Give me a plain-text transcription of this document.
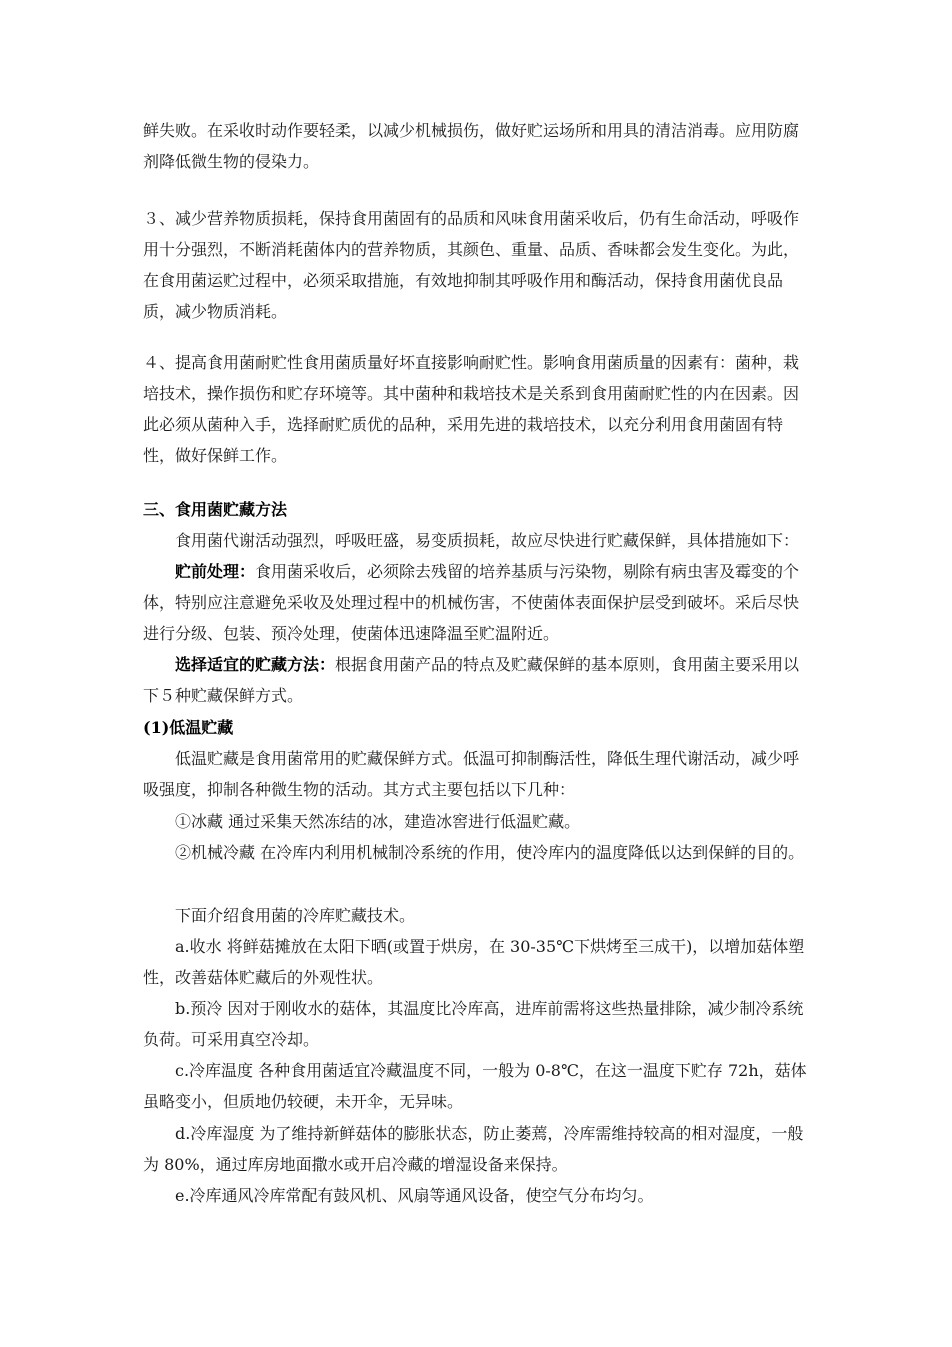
鲜失败。在采收时动作要轻柔，以减少机械损伤，做好贮运场所和用具的清洁消毒。应用防腐剂降低微生物的侵染力。

３、减少营养物质损耗，保持食用菌固有的品质和风味食用菌采收后，仍有生命活动，呼吸作用十分强烈，不断消耗菌体内的营养物质，其颜色、重量、品质、香味都会发生变化。为此，在食用菌运贮过程中，必须采取措施，有效地抑制其呼吸作用和酶活动，保持食用菌优良品质，减少物质消耗。

４、提高食用菌耐贮性食用菌质量好坏直接影响耐贮性。影响食用菌质量的因素有：菌种，栽培技术，操作损伤和贮存环境等。其中菌种和栽培技术是关系到食用菌耐贮性的内在因素。因此必须从菌种入手，选择耐贮质优的品种，采用先进的栽培技术，以充分利用食用菌固有特性，做好保鲜工作。

三、食用菌贮藏方法

食用菌代谢活动强烈，呼吸旺盛，易变质损耗，故应尽快进行贮藏保鲜，具体措施如下：

贮前处理：食用菌采收后，必须除去残留的培养基质与污染物，剔除有病虫害及霉变的个体，特别应注意避免采收及处理过程中的机械伤害，不使菌体表面保护层受到破坏。采后尽快进行分级、包装、预冷处理，使菌体迅速降温至贮温附近。

选择适宜的贮藏方法：根据食用菌产品的特点及贮藏保鲜的基本原则，食用菌主要采用以下５种贮藏保鲜方式。

(1)低温贮藏

低温贮藏是食用菌常用的贮藏保鲜方式。低温可抑制酶活性，降低生理代谢活动，减少呼吸强度，抑制各种微生物的活动。其方式主要包括以下几种：

①冰藏 通过采集天然冻结的冰，建造冰窖进行低温贮藏。

②机械冷藏 在冷库内利用机械制冷系统的作用，使冷库内的温度降低以达到保鲜的目的。

下面介绍食用菌的冷库贮藏技术。

a.收水 将鲜菇摊放在太阳下晒(或置于烘房，在 30-35℃下烘烤至三成干)，以增加菇体塑性，改善菇体贮藏后的外观性状。

b.预冷 因对于刚收水的菇体，其温度比冷库高，进库前需将这些热量排除，减少制冷系统负荷。可采用真空冷却。

c.冷库温度 各种食用菌适宜冷藏温度不同，一般为 0-8℃，在这一温度下贮存 72h，菇体虽略变小，但质地仍较硬，未开伞，无异味。

d.冷库湿度 为了维持新鲜菇体的膨胀状态，防止萎蔫，冷库需维持较高的相对湿度，一般为 80%，通过库房地面撒水或开启冷藏的增湿设备来保持。

e.冷库通风冷库常配有鼓风机、风扇等通风设备，使空气分布均匀。
